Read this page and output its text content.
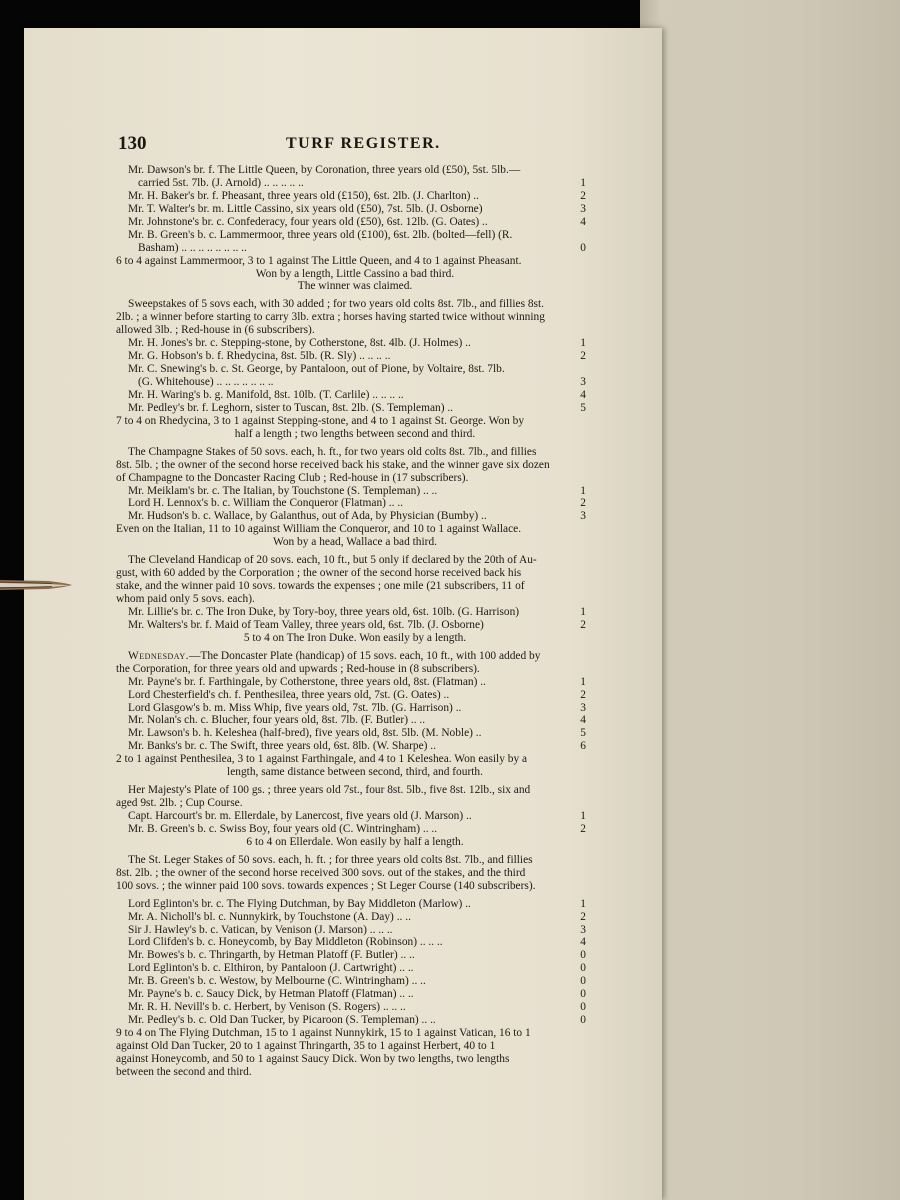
130	TURF REGISTER.
Mr. Dawson's br. f. The Little Queen, by Coronation, three years old (£50), 5st. 5lb.—
carried 5st. 7lb. (J. Arnold) .. .. .. .. ..	1
Mr. H. Baker's br. f. Pheasant, three years old (£150), 6st. 2lb. (J. Charlton) ..	2
Mr. T. Walter's br. m. Little Cassino, six years old (£50), 7st. 5lb. (J. Osborne)	3
Mr. Johnstone's br. c. Confederacy, four years old (£50), 6st. 12lb. (G. Oates) ..	4
Mr. B. Green's b. c. Lammermoor, three years old (£100), 6st. 2lb. (bolted—fell) (R.
Basham) .. .. .. .. .. .. .. ..	0
6 to 4 against Lammermoor, 3 to 1 against The Little Queen, and 4 to 1 against Pheasant.
Won by a length, Little Cassino a bad third.
The winner was claimed.
Sweepstakes of 5 sovs each, with 30 added ; for two years old colts 8st. 7lb., and fillies 8st.
2lb. ; a winner before starting to carry 3lb. extra ; horses having started twice without winning
allowed 3lb. ; Red-house in (6 subscribers).
Mr. H. Jones's br. c. Stepping-stone, by Cotherstone, 8st. 4lb. (J. Holmes) ..	1
Mr. G. Hobson's b. f. Rhedycina, 8st. 5lb. (R. Sly) .. .. .. ..	2
Mr. C. Snewing's b. c. St. George, by Pantaloon, out of Pione, by Voltaire, 8st. 7lb.
(G. Whitehouse) .. .. .. .. .. .. ..	3
Mr. H. Waring's b. g. Manifold, 8st. 10lb. (T. Carlile) .. .. .. ..	4
Mr. Pedley's br. f. Leghorn, sister to Tuscan, 8st. 2lb. (S. Templeman) ..	5
7 to 4 on Rhedycina, 3 to 1 against Stepping-stone, and 4 to 1 against St. George. Won by
half a length ; two lengths between second and third.
The Champagne Stakes of 50 sovs. each, h. ft., for two years old colts 8st. 7lb., and fillies
8st. 5lb. ; the owner of the second horse received back his stake, and the winner gave six dozen
of Champagne to the Doncaster Racing Club ; Red-house in (17 subscribers).
Mr. Meiklam's br. c. The Italian, by Touchstone (S. Templeman) .. ..	1
Lord H. Lennox's b. c. William the Conqueror (Flatman) .. ..	2
Mr. Hudson's b. c. Wallace, by Galanthus, out of Ada, by Physician (Bumby) ..	3
Even on the Italian, 11 to 10 against William the Conqueror, and 10 to 1 against Wallace.
Won by a head, Wallace a bad third.
The Cleveland Handicap of 20 sovs. each, 10 ft., but 5 only if declared by the 20th of Au-
gust, with 60 added by the Corporation ; the owner of the second horse received back his
stake, and the winner paid 10 sovs. towards the expenses ; one mile (21 subscribers, 11 of
whom paid only 5 sovs. each).
Mr. Lillie's br. c. The Iron Duke, by Tory-boy, three years old, 6st. 10lb. (G. Harrison)	1
Mr. Walters's br. f. Maid of Team Valley, three years old, 6st. 7lb. (J. Osborne)	2
5 to 4 on The Iron Duke. Won easily by a length.
Wednesday.—The Doncaster Plate (handicap) of 15 sovs. each, 10 ft., with 100 added by
the Corporation, for three years old and upwards ; Red-house in (8 subscribers).
Mr. Payne's br. f. Farthingale, by Cotherstone, three years old, 8st. (Flatman) ..	1
Lord Chesterfield's ch. f. Penthesilea, three years old, 7st. (G. Oates) ..	2
Lord Glasgow's b. m. Miss Whip, five years old, 7st. 7lb. (G. Harrison) ..	3
Mr. Nolan's ch. c. Blucher, four years old, 8st. 7lb. (F. Butler) .. ..	4
Mr. Lawson's b. h. Keleshea (half-bred), five years old, 8st. 5lb. (M. Noble) ..	5
Mr. Banks's br. c. The Swift, three years old, 6st. 8lb. (W. Sharpe) ..	6
2 to 1 against Penthesilea, 3 to 1 against Farthingale, and 4 to 1 Keleshea. Won easily by a
length, same distance between second, third, and fourth.
Her Majesty's Plate of 100 gs. ; three years old 7st., four 8st. 5lb., five 8st. 12lb., six and
aged 9st. 2lb. ; Cup Course.
Capt. Harcourt's br. m. Ellerdale, by Lanercost, five years old (J. Marson) ..	1
Mr. B. Green's b. c. Swiss Boy, four years old (C. Wintringham) .. ..	2
6 to 4 on Ellerdale. Won easily by half a length.
The St. Leger Stakes of 50 sovs. each, h. ft. ; for three years old colts 8st. 7lb., and fillies
8st. 2lb. ; the owner of the second horse received 300 sovs. out of the stakes, and the third
100 sovs. ; the winner paid 100 sovs. towards expences ; St Leger Course (140 subscribers).
Lord Eglinton's br. c. The Flying Dutchman, by Bay Middleton (Marlow) ..	1
Mr. A. Nicholl's bl. c. Nunnykirk, by Touchstone (A. Day) .. ..	2
Sir J. Hawley's b. c. Vatican, by Venison (J. Marson) .. .. ..	3
Lord Clifden's b. c. Honeycomb, by Bay Middleton (Robinson) .. .. ..	4
Mr. Bowes's b. c. Thringarth, by Hetman Platoff (F. Butler) .. ..	0
Lord Eglinton's b. c. Elthiron, by Pantaloon (J. Cartwright) .. ..	0
Mr. B. Green's b. c. Westow, by Melbourne (C. Wintringham) .. ..	0
Mr. Payne's b. c. Saucy Dick, by Hetman Platoff (Flatman) .. ..	0
Mr. R. H. Nevill's b. c. Herbert, by Venison (S. Rogers) .. .. ..	0
Mr. Pedley's b. c. Old Dan Tucker, by Picaroon (S. Templeman) .. ..	0
9 to 4 on The Flying Dutchman, 15 to 1 against Nunnykirk, 15 to 1 against Vatican, 16 to 1
against Old Dan Tucker, 20 to 1 against Thringarth, 35 to 1 against Herbert, 40 to 1
against Honeycomb, and 50 to 1 against Saucy Dick. Won by two lengths, two lengths
between the second and third.
